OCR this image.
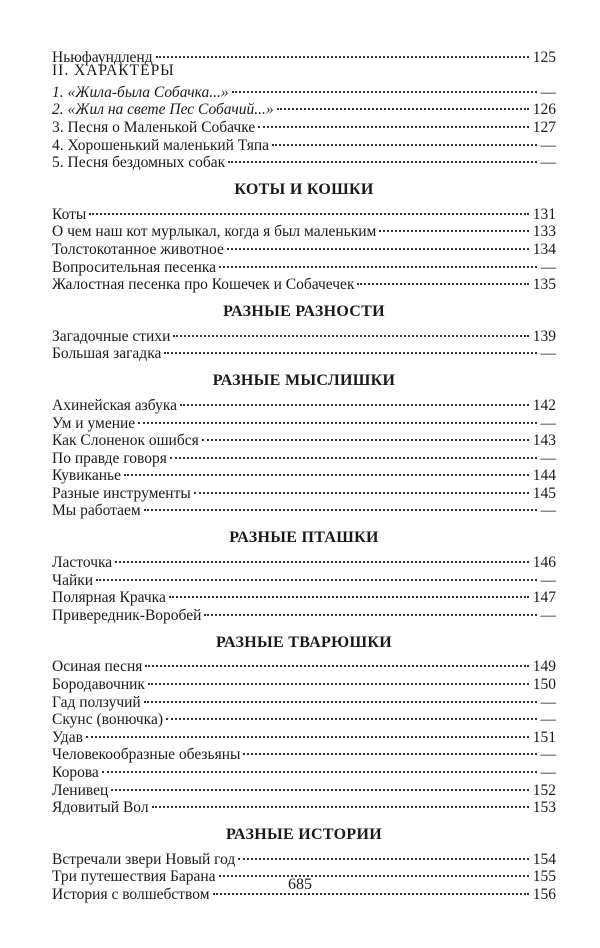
Ньюфаундленд	125
II. ХАРАКТЕРЫ
1. «Жила-была Собачка...»	—
2. «Жил на свете Пес Собачий...»	126
3. Песня о Маленькой Собачке	127
4. Хорошенький маленький Тяпа	—
5. Песня бездомных собак	—
КОТЫ И КОШКИ
Коты	131
О чем наш кот мурлыкал, когда я был маленьким	133
Толстокотанное животное	134
Вопросительная песенка	—
Жалостная песенка про Кошечек и Собачечек	135
РАЗНЫЕ РАЗНОСТИ
Загадочные стихи	139
Большая загадка	—
РАЗНЫЕ МЫСЛИШКИ
Ахинейская азбука	142
Ум и умение	—
Как Слоненок ошибся	143
По правде говоря	—
Кувиканье	144
Разные инструменты	145
Мы работаем	—
РАЗНЫЕ ПТАШКИ
Ласточка	146
Чайки	—
Полярная Крачка	147
Привередник-Воробей	—
РАЗНЫЕ ТВАРЮШКИ
Осиная песня	149
Бородавочник	150
Гад ползучий	—
Скунс (вонючка)	—
Удав	151
Человекообразные обезьяны	—
Корова	—
Ленивец	152
Ядовитый Вол	153
РАЗНЫЕ ИСТОРИИ
Встречали звери Новый год	154
Три путешествия Барана	155
История с волшебством	156
685
